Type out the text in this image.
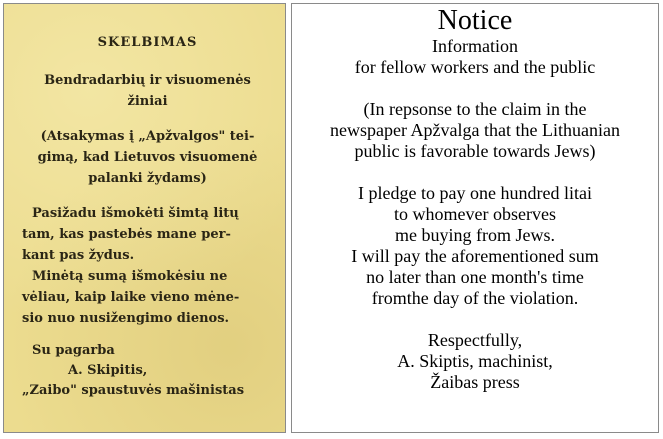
SKELBIMAS
Bendradarbių ir visuomenės
žiniai
(Atsakymas į „Apžvalgos" tei-
gimą, kad Lietuvos visuomenė
palanki žydams)
Pasižadu išmokėti šimtą litų
tam, kas pastebės mane per-
kant pas žydus.
Minėtą sumą išmokėsiu ne
vėliau, kaip laike vieno mėne-
sio nuo nusižengimo dienos.
Su pagarba
A. Skipitis,
„Zaibo" spaustuvės mašinistas
Notice
Information
for fellow workers and the public
(In repsonse to the claim in the
newspaper Apžvalga that the Lithuanian
public is favorable towards Jews)
I pledge to pay one hundred litai
to whomever observes
me buying from Jews.
I will pay the aforementioned sum
no later than one month's time
fromthe day of the violation.
Respectfully,
A. Skiptis, machinist,
Žaibas press
